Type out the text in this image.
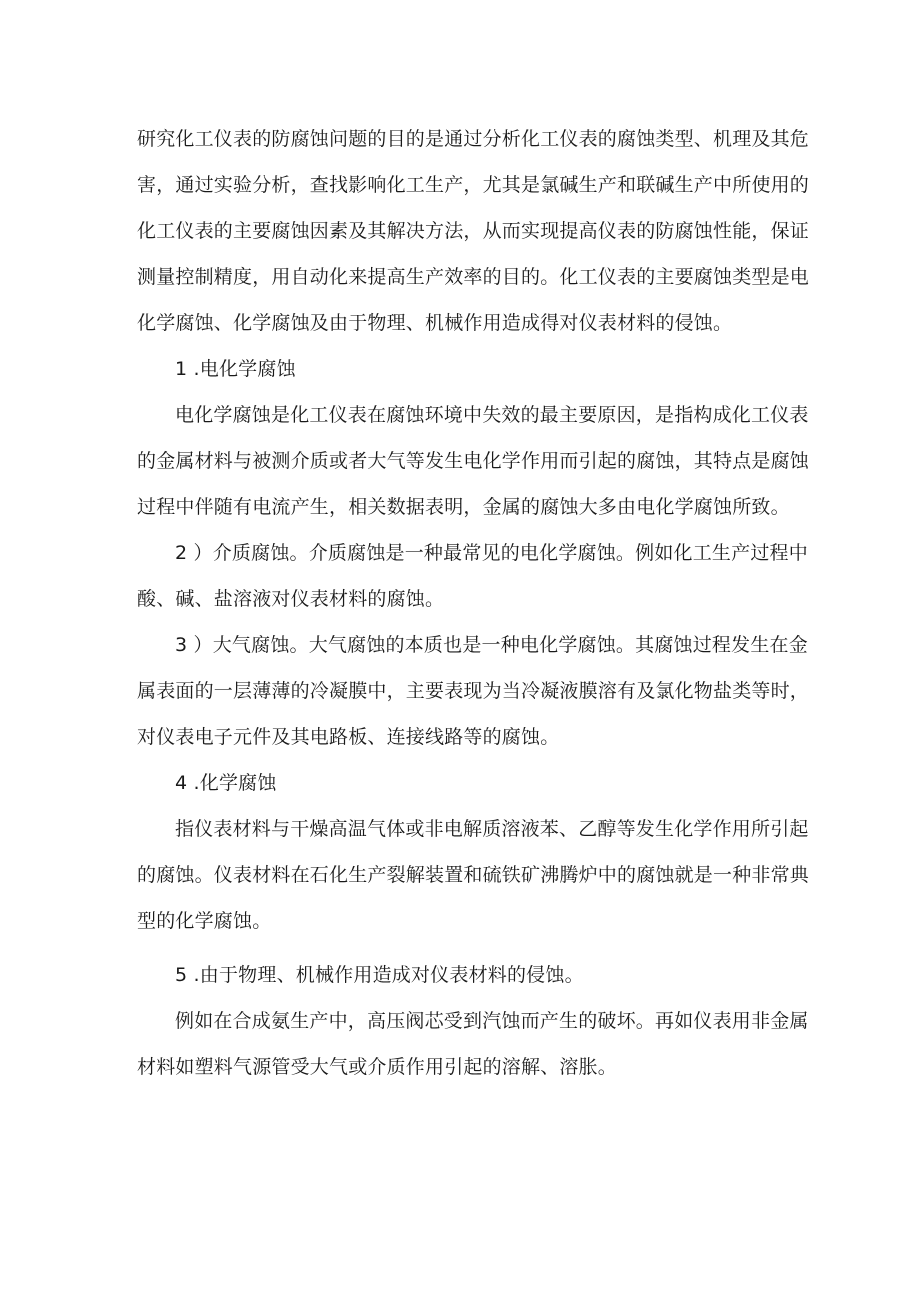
研究化工仪表的防腐蚀问题的目的是通过分析化工仪表的腐蚀类型、机理及其危
害，通过实验分析，查找影响化工生产，尤其是氯碱生产和联碱生产中所使用的
化工仪表的主要腐蚀因素及其解决方法，从而实现提高仪表的防腐蚀性能，保证
测量控制精度，用自动化来提高生产效率的目的。化工仪表的主要腐蚀类型是电
化学腐蚀、化学腐蚀及由于物理、机械作用造成得对仪表材料的侵蚀。

1 .电化学腐蚀

电化学腐蚀是化工仪表在腐蚀环境中失效的最主要原因，是指构成化工仪表
的金属材料与被测介质或者大气等发生电化学作用而引起的腐蚀，其特点是腐蚀
过程中伴随有电流产生，相关数据表明，金属的腐蚀大多由电化学腐蚀所致。

2 ）介质腐蚀。介质腐蚀是一种最常见的电化学腐蚀。例如化工生产过程中
酸、碱、盐溶液对仪表材料的腐蚀。

3 ）大气腐蚀。大气腐蚀的本质也是一种电化学腐蚀。其腐蚀过程发生在金
属表面的一层薄薄的冷凝膜中，主要表现为当冷凝液膜溶有及氯化物盐类等时，
对仪表电子元件及其电路板、连接线路等的腐蚀。

4 .化学腐蚀

指仪表材料与干燥高温气体或非电解质溶液苯、乙醇等发生化学作用所引起
的腐蚀。仪表材料在石化生产裂解装置和硫铁矿沸腾炉中的腐蚀就是一种非常典
型的化学腐蚀。

5 .由于物理、机械作用造成对仪表材料的侵蚀。

例如在合成氨生产中，高压阀芯受到汽蚀而产生的破坏。再如仪表用非金属
材料如塑料气源管受大气或介质作用引起的溶解、溶胀。
